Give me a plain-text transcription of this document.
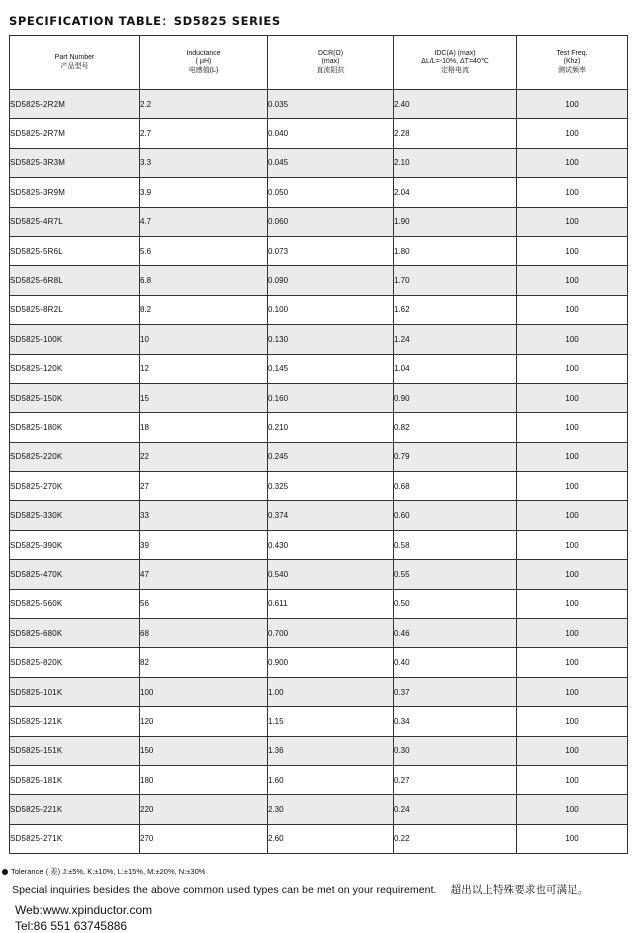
SPECIFICATION TABLE：SD5825 SERIES
Part Number
产品型号	Inductance
( μH)
电感值(L)	DCR(Ω)
(max)
直流阻抗	IDC(A) (max)
ΔL/L=-10%, ΔT=40℃
定格电流	Test Freq.
(Khz)
测试频率

SD5825-2R2M	2.2	0.035	2.40	100
SD5825-2R7M	2.7	0.040	2.28	100
SD5825-3R3M	3.3	0.045	2.10	100
SD5825-3R9M	3.9	0.050	2.04	100
SD5825-4R7L	4.7	0.060	1.90	100
SD5825-5R6L	5.6	0.073	1.80	100
SD5825-6R8L	6.8	0.090	1.70	100
SD5825-8R2L	8.2	0.100	1.62	100
SD5825-100K	10	0.130	1.24	100
SD5825-120K	12	0.145	1.04	100
SD5825-150K	15	0.160	0.90	100
SD5825-180K	18	0.210	0.82	100
SD5825-220K	22	0.245	0.79	100
SD5825-270K	27	0.325	0.68	100
SD5825-330K	33	0.374	0.60	100
SD5825-390K	39	0.430	0.58	100
SD5825-470K	47	0.540	0.55	100
SD5825-560K	56	0.611	0.50	100
SD5825-680K	68	0.700	0.46	100
SD5825-820K	82	0.900	0.40	100
SD5825-101K	100	1.00	0.37	100
SD5825-121K	120	1.15	0.34	100
SD5825-151K	150	1.36	0.30	100
SD5825-181K	180	1.60	0.27	100
SD5825-221K	220	2.30	0.24	100
SD5825-271K	270	2.60	0.22	100
Tolerance ( 差) J:±5%, K:±10%, L:±15%, M:±20%, N:±30%
Special inquiries besides the above common used types can be met on your requirement. 超出以上特殊要求也可满足。
Web:www.xpinductor.com
Tel:86 551 63745886
